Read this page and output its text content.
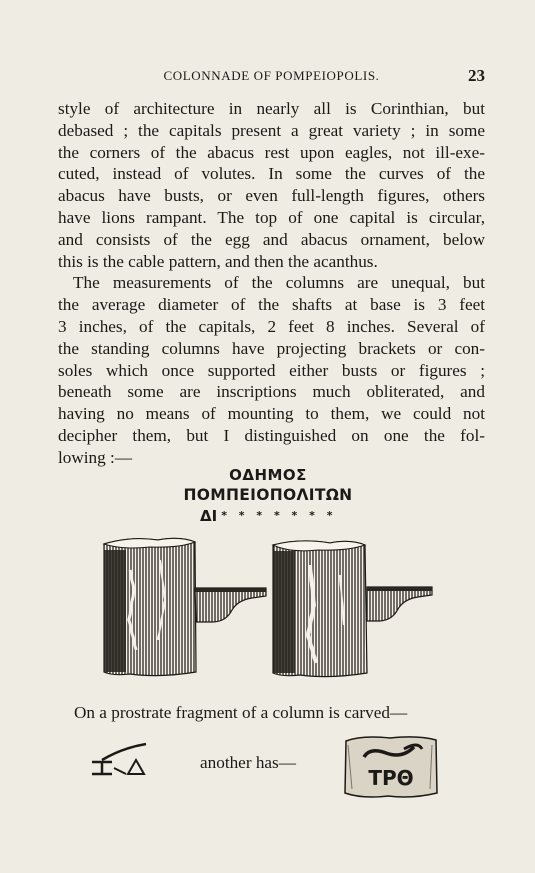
COLONNADE OF POMPEIOPOLIS.	23
style of architecture in nearly all is Corinthian, but
debased ; the capitals present a great variety ; in some
the corners of the abacus rest upon eagles, not ill-exe-
cuted, instead of volutes. In some the curves of the
abacus have busts, or even full-length figures, others
have lions rampant. The top of one capital is circular,
and consists of the egg and abacus ornament, below
this is the cable pattern, and then the acanthus.
The measurements of the columns are unequal, but
the average diameter of the shafts at base is 3 feet
3 inches, of the capitals, 2 feet 8 inches. Several of
the standing columns have projecting brackets or con-
soles which once supported either busts or figures ;
beneath some are inscriptions much obliterated, and
having no means of mounting to them, we could not
decipher them, but I distinguished on one the fol-
lowing :—
ΟΔΗΜΟΣ
ΠΟΜΠΕΙΟΠΟΛΙΤΩΝ
ΔΙ * * * * * * *
On a prostrate fragment of a column is carved—
another has—
ΤΡΘ
